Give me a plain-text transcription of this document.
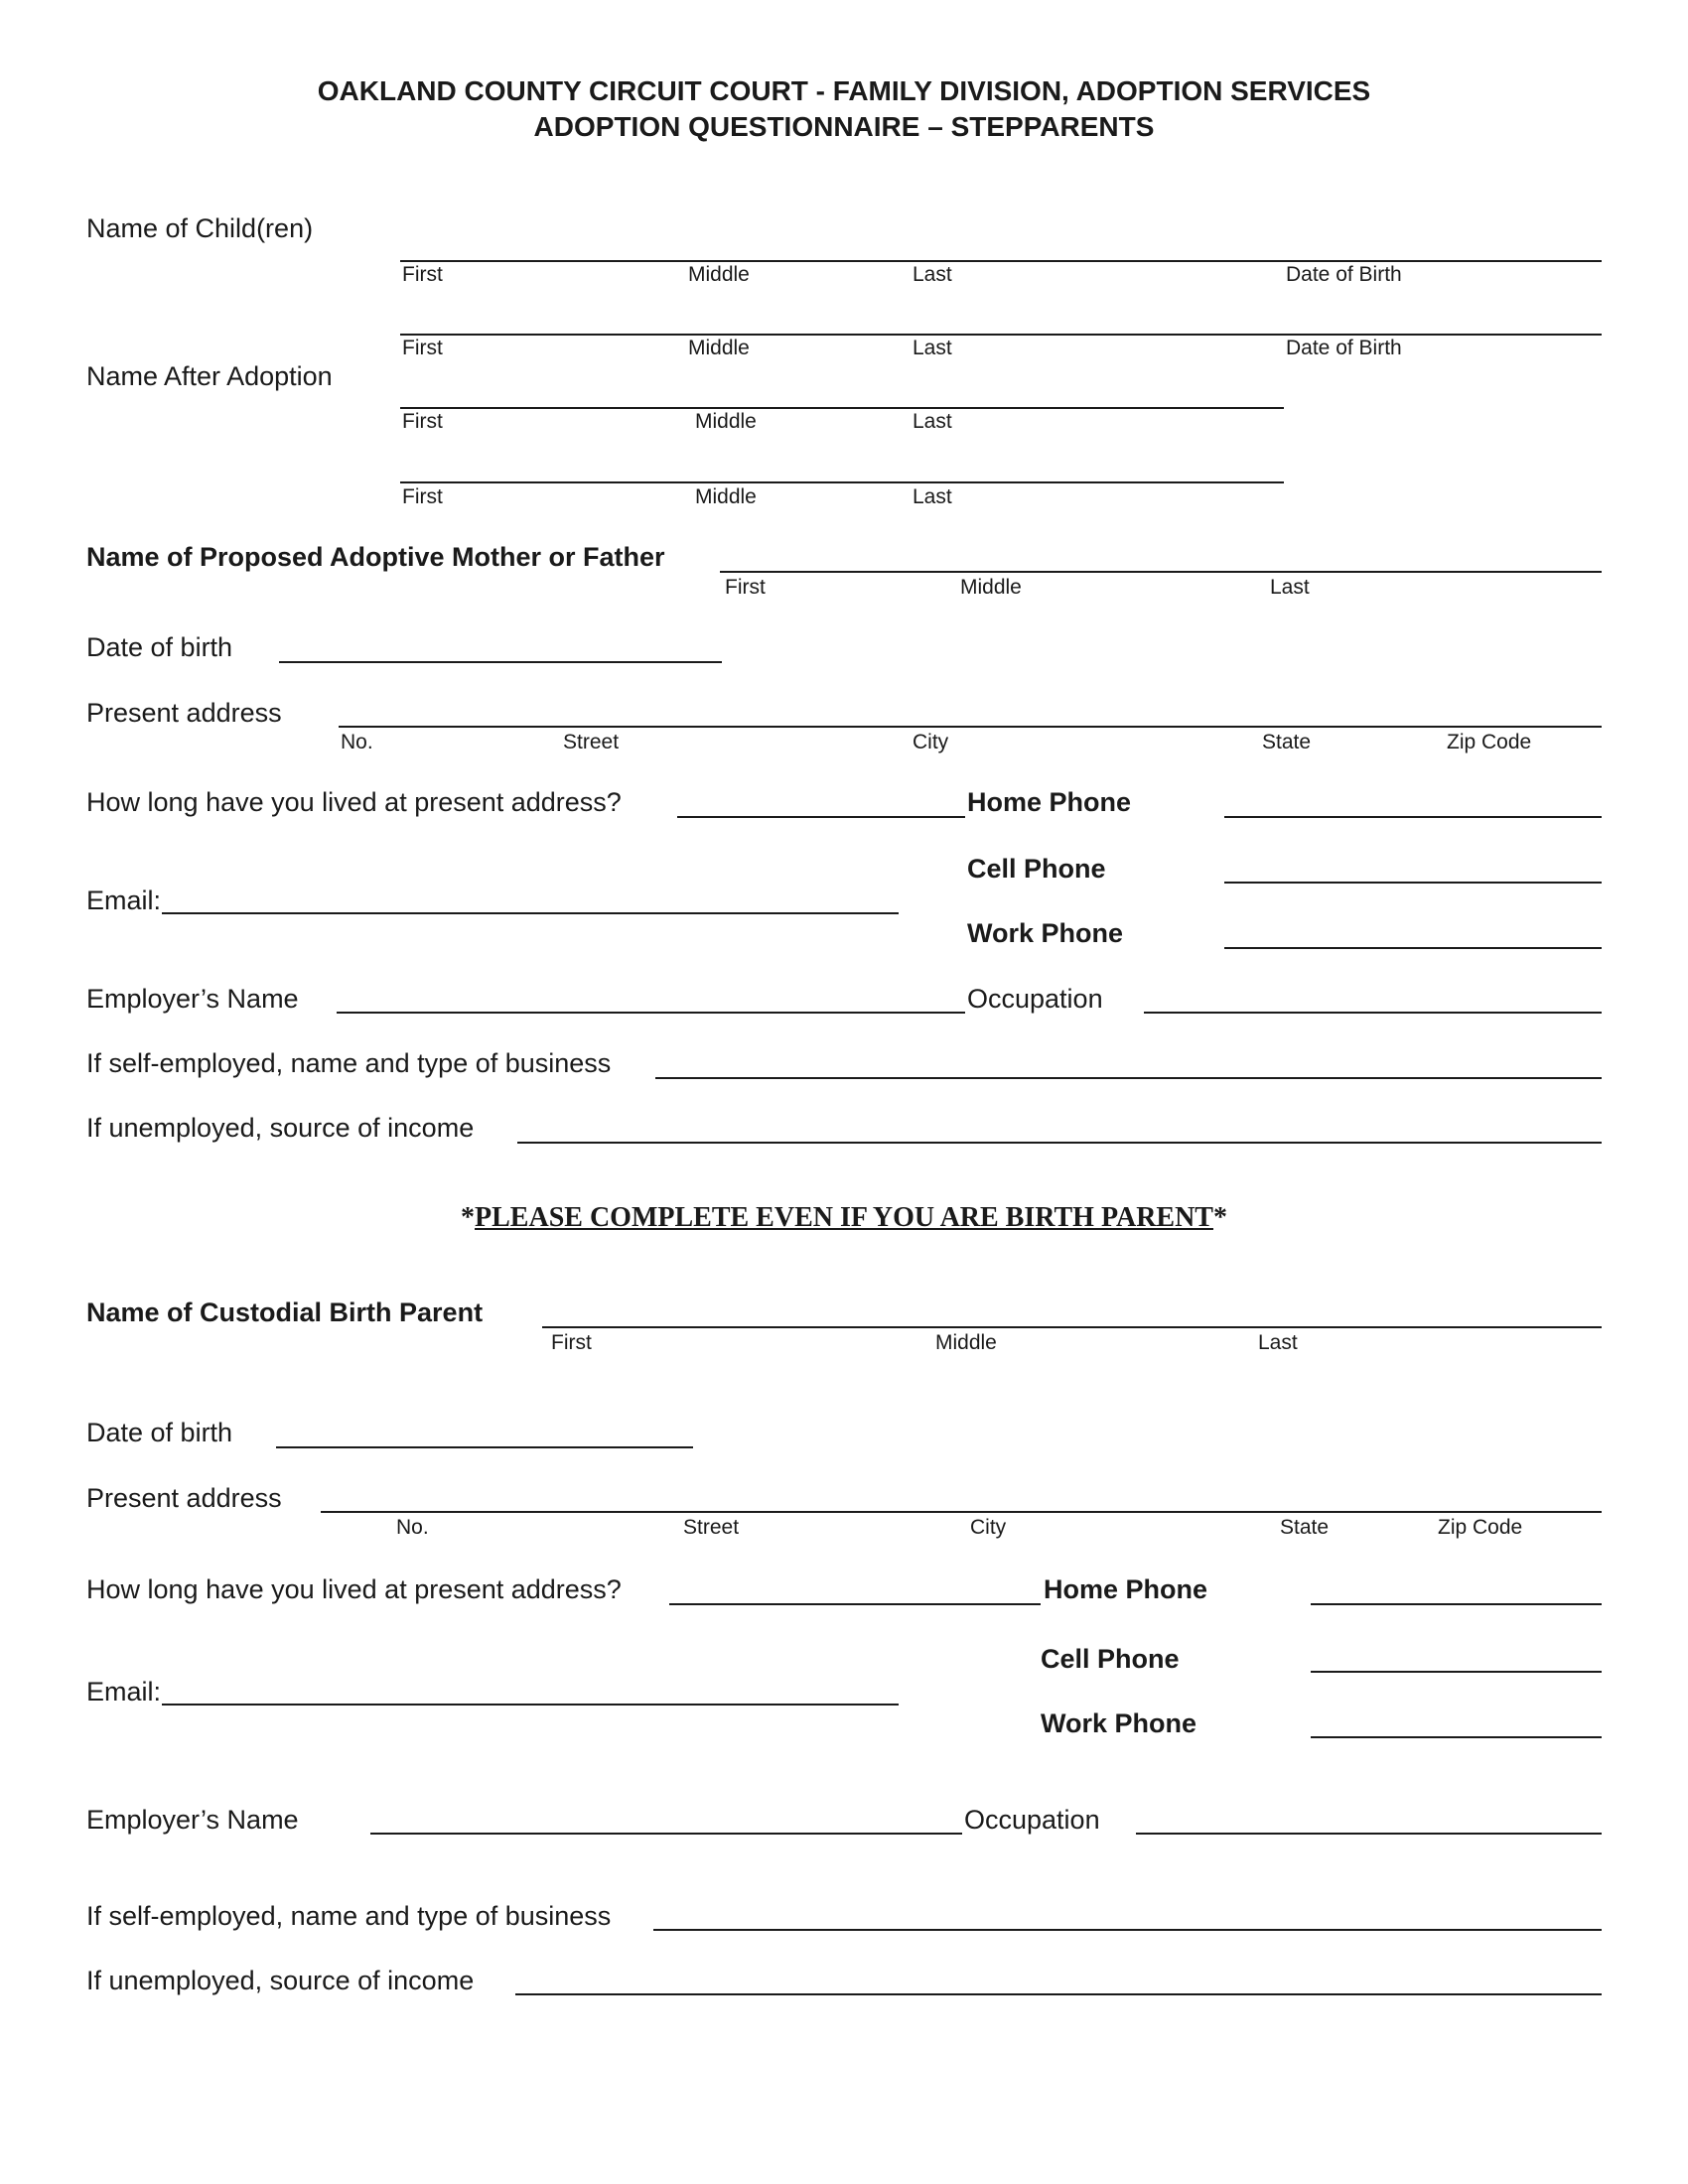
OAKLAND COUNTY CIRCUIT COURT - FAMILY DIVISION, ADOPTION SERVICES
ADOPTION QUESTIONNAIRE – STEPPARENTS
Name of Child(ren)
First	Middle	Last	Date of Birth
First	Middle	Last	Date of Birth
Name After Adoption
First	Middle	Last
First	Middle	Last
Name of Proposed Adoptive Mother or Father
First	Middle	Last
Date of birth
Present address
No.	Street	City	State	Zip Code
How long have you lived at present address?	Home Phone
Cell Phone
Email:
Work Phone
Employer’s Name	Occupation
If self-employed, name and type of business
If unemployed, source of income
*PLEASE COMPLETE EVEN IF YOU ARE BIRTH PARENT*
Name of Custodial Birth Parent
First	Middle	Last
Date of birth
Present address
No.	Street	City	State	Zip Code
How long have you lived at present address?	Home Phone
Cell Phone
Email:
Work Phone
Employer’s Name	Occupation
If self-employed, name and type of business
If unemployed, source of income
